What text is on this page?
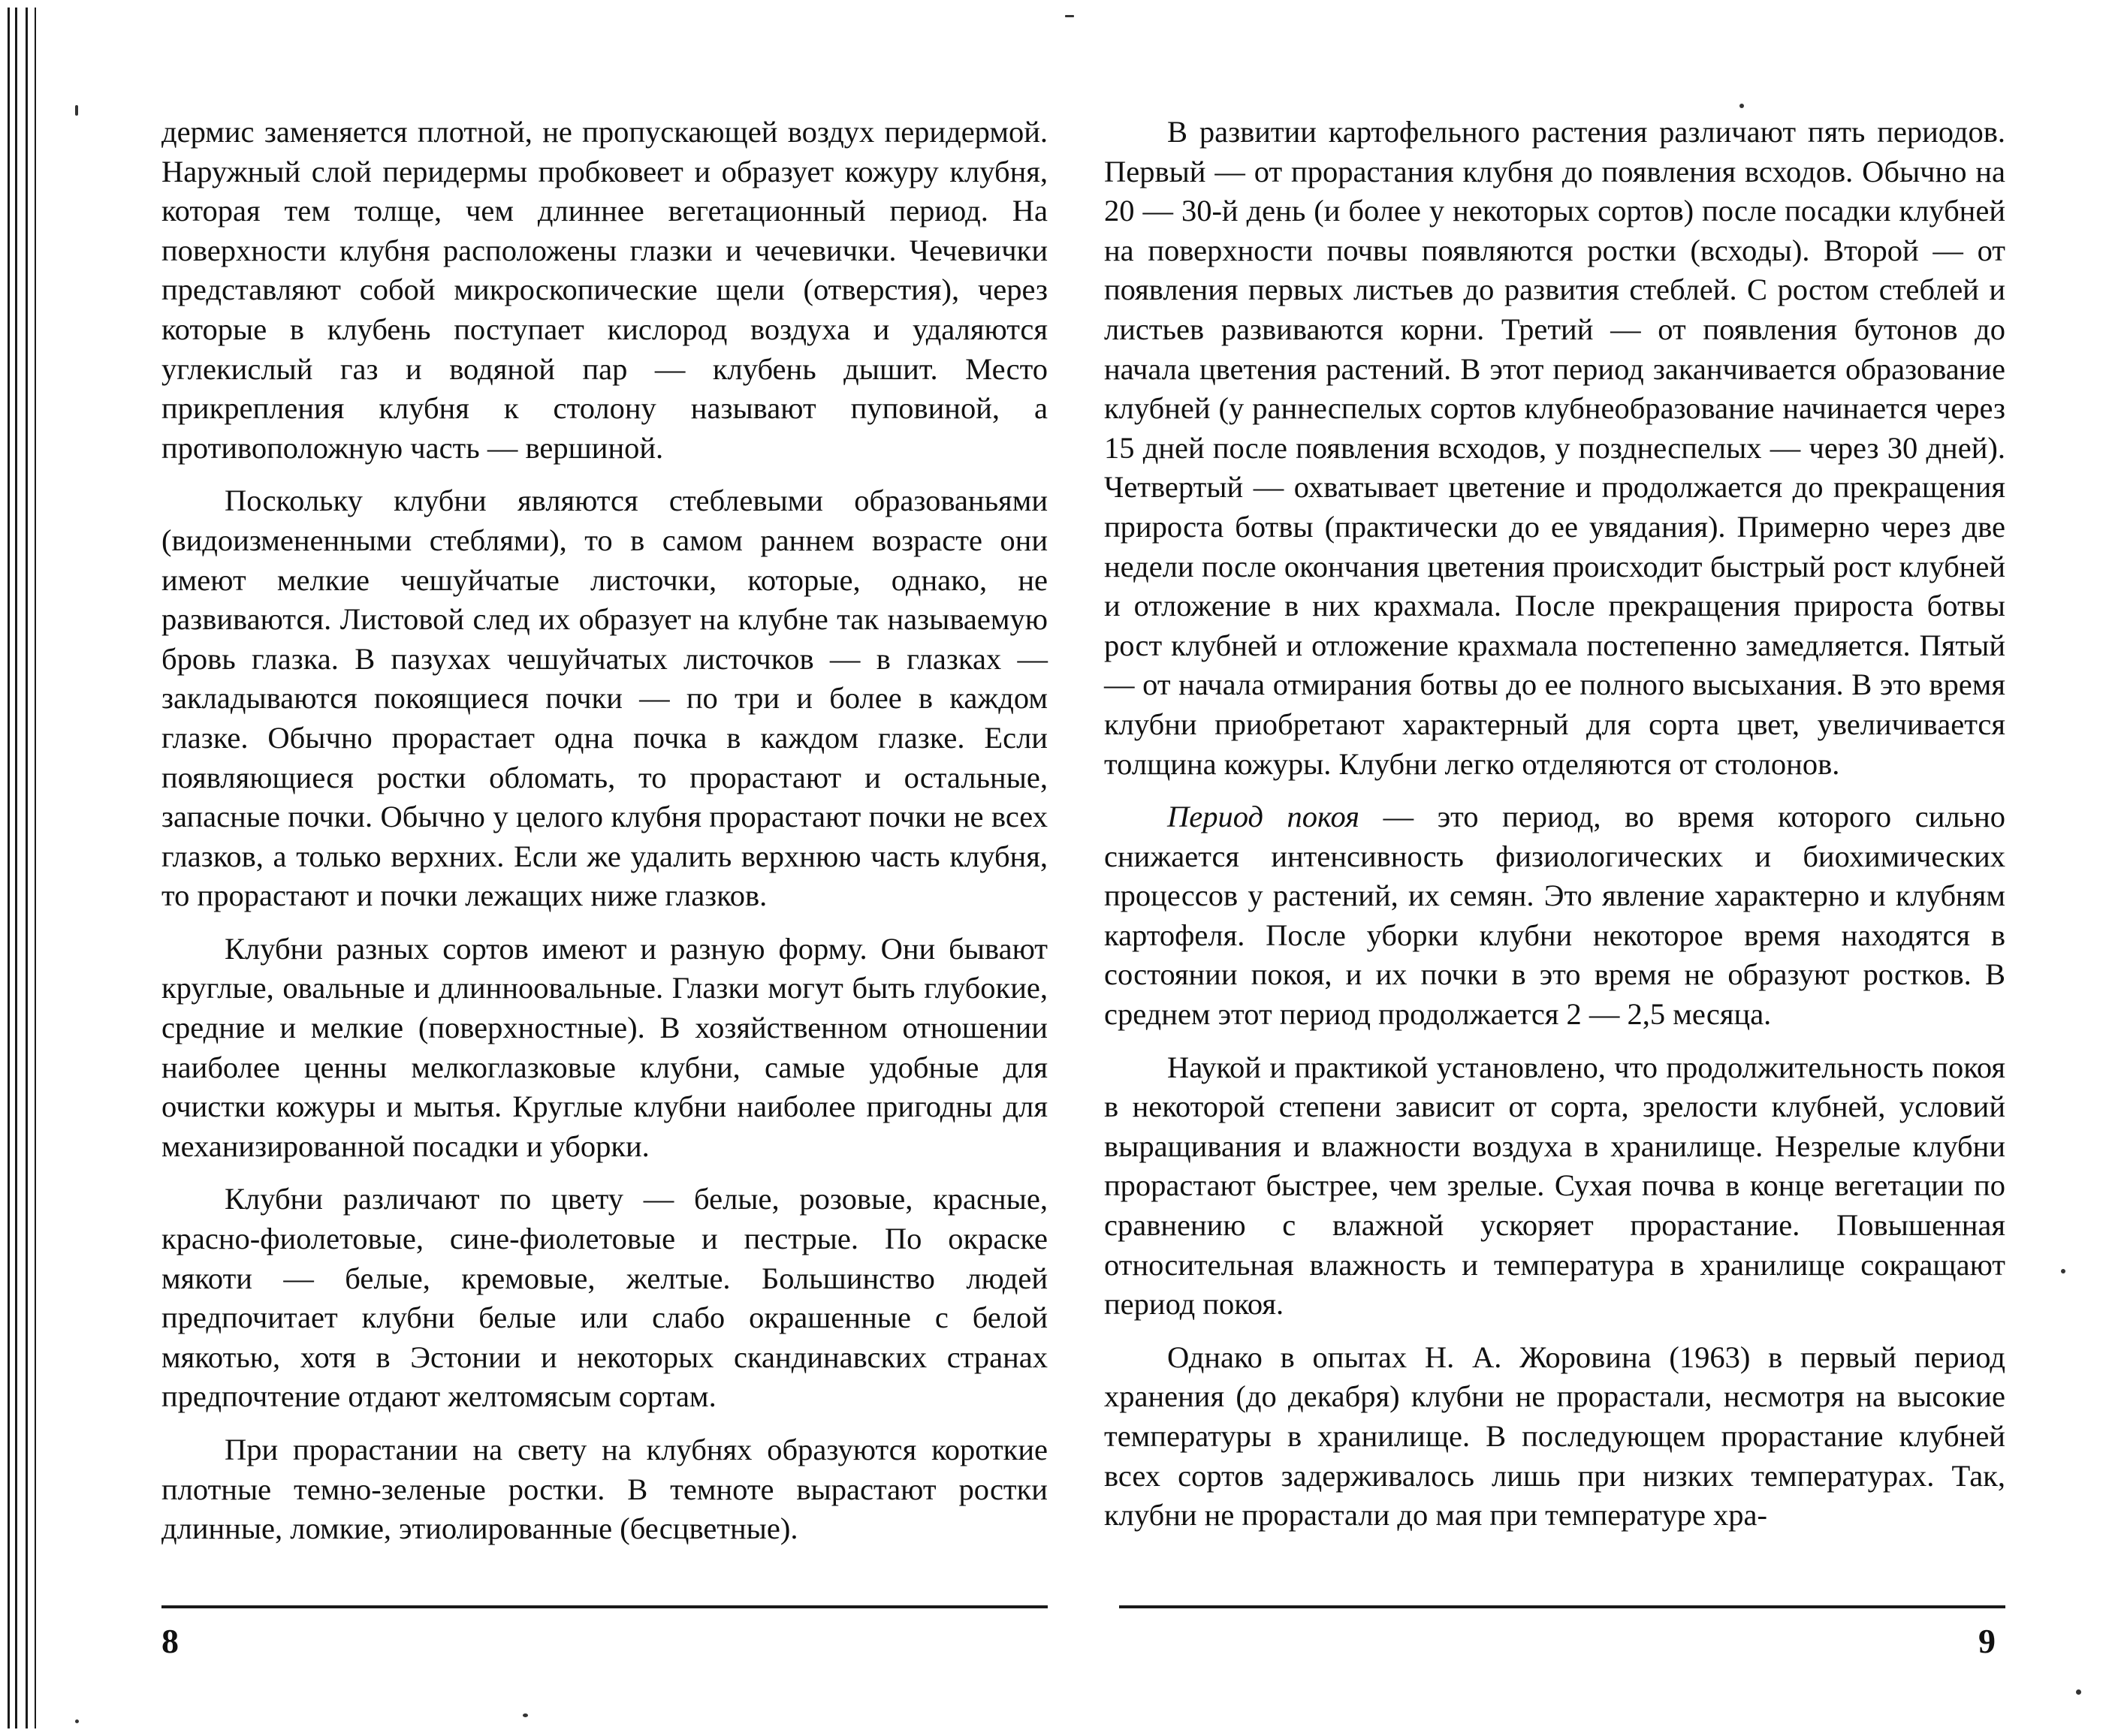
дермис заменяется плотной, не пропускающей воздух перидермой. Наружный слой перидермы пробковеет и образует кожуру клубня, которая тем толще, чем длиннее вегетационный период. На поверхности клубня расположены глазки и чечевички. Чечевички представляют собой микроскопические щели (отверстия), через которые в клубень поступает кислород воздуха и удаляются углекислый газ и водяной пар — клубень дышит. Место прикрепления клубня к столону называют пуповиной, а противоположную часть — вершиной.

Поскольку клубни являются стеблевыми образованьями (видоизмененными стеблями), то в самом раннем возрасте они имеют мелкие чешуйчатые листочки, которые, однако, не развиваются. Листовой след их образует на клубне так называемую бровь глазка. В пазухах чешуйчатых листочков — в глазках — закладываются покоящиеся почки — по три и более в каждом глазке. Обычно прорастает одна почка в каждом глазке. Если появляющиеся ростки обломать, то прорастают и остальные, запасные почки. Обычно у целого клубня прорастают почки не всех глазков, а только верхних. Если же удалить верхнюю часть клубня, то прорастают и почки лежащих ниже глазков.

Клубни разных сортов имеют и разную форму. Они бывают круглые, овальные и длинноовальные. Глазки могут быть глубокие, средние и мелкие (поверхностные). В хозяйственном отношении наиболее ценны мелкоглазковые клубни, самые удобные для очистки кожуры и мытья. Круглые клубни наиболее пригодны для механизированной посадки и уборки.

Клубни различают по цвету — белые, розовые, красные, красно-фиолетовые, сине-фиолетовые и пестрые. По окраске мякоти — белые, кремовые, желтые. Большинство людей предпочитает клубни белые или слабо окрашенные с белой мякотью, хотя в Эстонии и некоторых скандинавских странах предпочтение отдают желтомясым сортам.

При прорастании на свету на клубнях образуются короткие плотные темно-зеленые ростки. В темноте вырастают ростки длинные, ломкие, этиолированные (бесцветные).

8

В развитии картофельного растения различают пять периодов. Первый — от прорастания клубня до появления всходов. Обычно на 20 — 30-й день (и более у некоторых сортов) после посадки клубней на поверхности почвы появляются ростки (всходы). Второй — от появления первых листьев до развития стеблей. С ростом стеблей и листьев развиваются корни. Третий — от появления бутонов до начала цветения растений. В этот период заканчивается образование клубней (у раннеспелых сортов клубнеобразование начинается через 15 дней после появления всходов, у позднеспелых — через 30 дней). Четвертый — охватывает цветение и продолжается до прекращения прироста ботвы (практически до ее увядания). Примерно через две недели после окончания цветения происходит быстрый рост клубней и отложение в них крахмала. После прекращения прироста ботвы рост клубней и отложение крахмала постепенно замедляется. Пятый — от начала отмирания ботвы до ее полного высыхания. В это время клубни приобретают характерный для сорта цвет, увеличивается толщина кожуры. Клубни легко отделяются от столонов.

Период покоя — это период, во время которого сильно снижается интенсивность физиологических и биохимических процессов у растений, их семян. Это явление характерно и клубням картофеля. После уборки клубни некоторое время находятся в состоянии покоя, и их почки в это время не образуют ростков. В среднем этот период продолжается 2 — 2,5 месяца.

Наукой и практикой установлено, что продолжительность покоя в некоторой степени зависит от сорта, зрелости клубней, условий выращивания и влажности воздуха в хранилище. Незрелые клубни прорастают быстрее, чем зрелые. Сухая почва в конце вегетации по сравнению с влажной ускоряет прорастание. Повышенная относительная влажность и температура в хранилище сокращают период покоя.

Однако в опытах Н. А. Жоровина (1963) в первый период хранения (до декабря) клубни не прорастали, несмотря на высокие температуры в хранилище. В последующем прорастание клубней всех сортов задерживалось лишь при низких температурах. Так, клубни не прорастали до мая при температуре хра-

9
